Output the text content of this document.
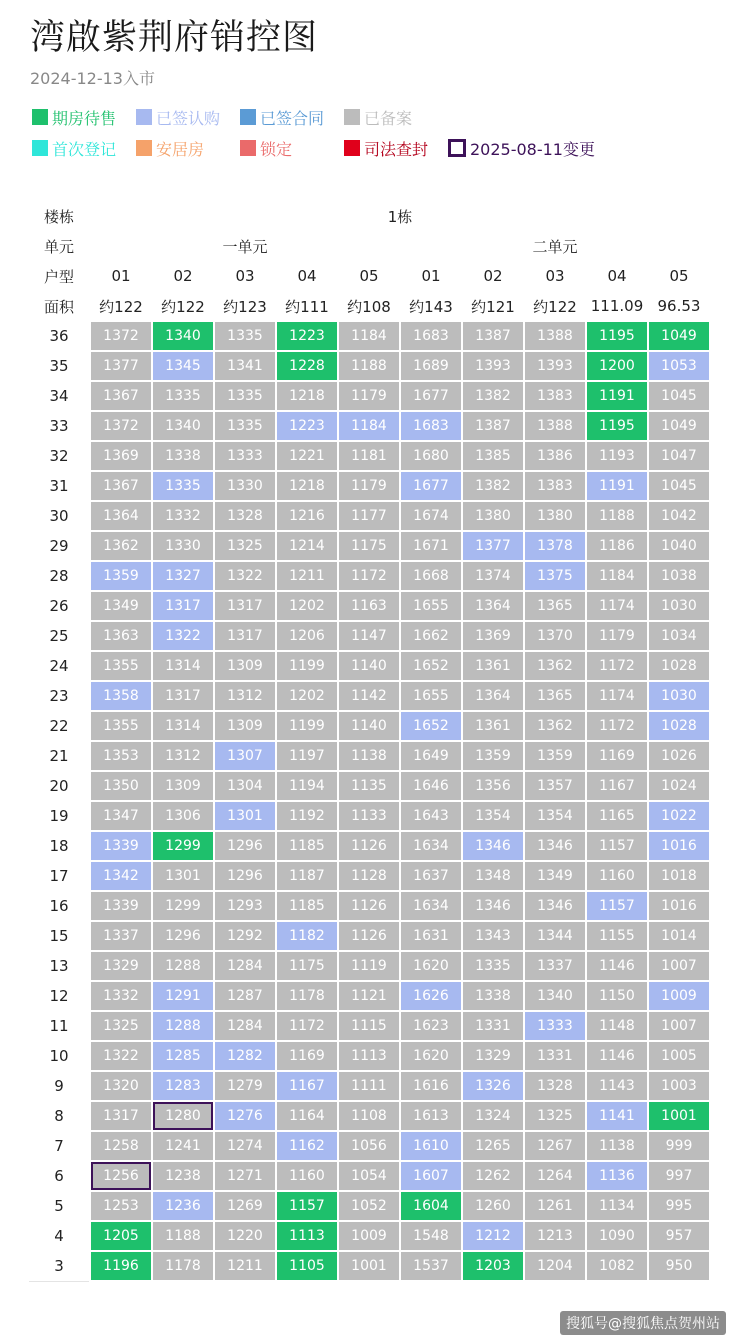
湾啟紫荆府销控图
2024-12-13入市
期房待售 已签认购 已签合同 已备案
首次登记 安居房	锁定	司法查封	2025-08-11变更
楼栋	1栋									
单元	一单元					二单元				
户型	01	02	03	04	05	01	02	03	04	05
面积	约122	约122	约123	约111	约108	约143	约121	约122	111.09	96.53
36	1372	1340	1335	1223	1184	1683	1387	1388	1195	1049
35	1377	1345	1341	1228	1188	1689	1393	1393	1200	1053
34	1367	1335	1335	1218	1179	1677	1382	1383	1191	1045
33	1372	1340	1335	1223	1184	1683	1387	1388	1195	1049
32	1369	1338	1333	1221	1181	1680	1385	1386	1193	1047
31	1367	1335	1330	1218	1179	1677	1382	1383	1191	1045
30	1364	1332	1328	1216	1177	1674	1380	1380	1188	1042
29	1362	1330	1325	1214	1175	1671	1377	1378	1186	1040
28	1359	1327	1322	1211	1172	1668	1374	1375	1184	1038
26	1349	1317	1317	1202	1163	1655	1364	1365	1174	1030
25	1363	1322	1317	1206	1147	1662	1369	1370	1179	1034
24	1355	1314	1309	1199	1140	1652	1361	1362	1172	1028
23	1358	1317	1312	1202	1142	1655	1364	1365	1174	1030
22	1355	1314	1309	1199	1140	1652	1361	1362	1172	1028
21	1353	1312	1307	1197	1138	1649	1359	1359	1169	1026
20	1350	1309	1304	1194	1135	1646	1356	1357	1167	1024
19	1347	1306	1301	1192	1133	1643	1354	1354	1165	1022
18	1339	1299	1296	1185	1126	1634	1346	1346	1157	1016
17	1342	1301	1296	1187	1128	1637	1348	1349	1160	1018
16	1339	1299	1293	1185	1126	1634	1346	1346	1157	1016
15	1337	1296	1292	1182	1126	1631	1343	1344	1155	1014
13	1329	1288	1284	1175	1119	1620	1335	1337	1146	1007
12	1332	1291	1287	1178	1121	1626	1338	1340	1150	1009
11	1325	1288	1284	1172	1115	1623	1331	1333	1148	1007
10	1322	1285	1282	1169	1113	1620	1329	1331	1146	1005
9	1320	1283	1279	1167	1111	1616	1326	1328	1143	1003
8	1317	1280	1276	1164	1108	1613	1324	1325	1141	1001
7	1258	1241	1274	1162	1056	1610	1265	1267	1138	999
6	1256	1238	1271	1160	1054	1607	1262	1264	1136	997
5	1253	1236	1269	1157	1052	1604	1260	1261	1134	995
4	1205	1188	1220	1113	1009	1548	1212	1213	1090	957
3	1196	1178	1211	1105	1001	1537	1203	1204	1082	950
搜狐号@搜狐焦点贺州站
